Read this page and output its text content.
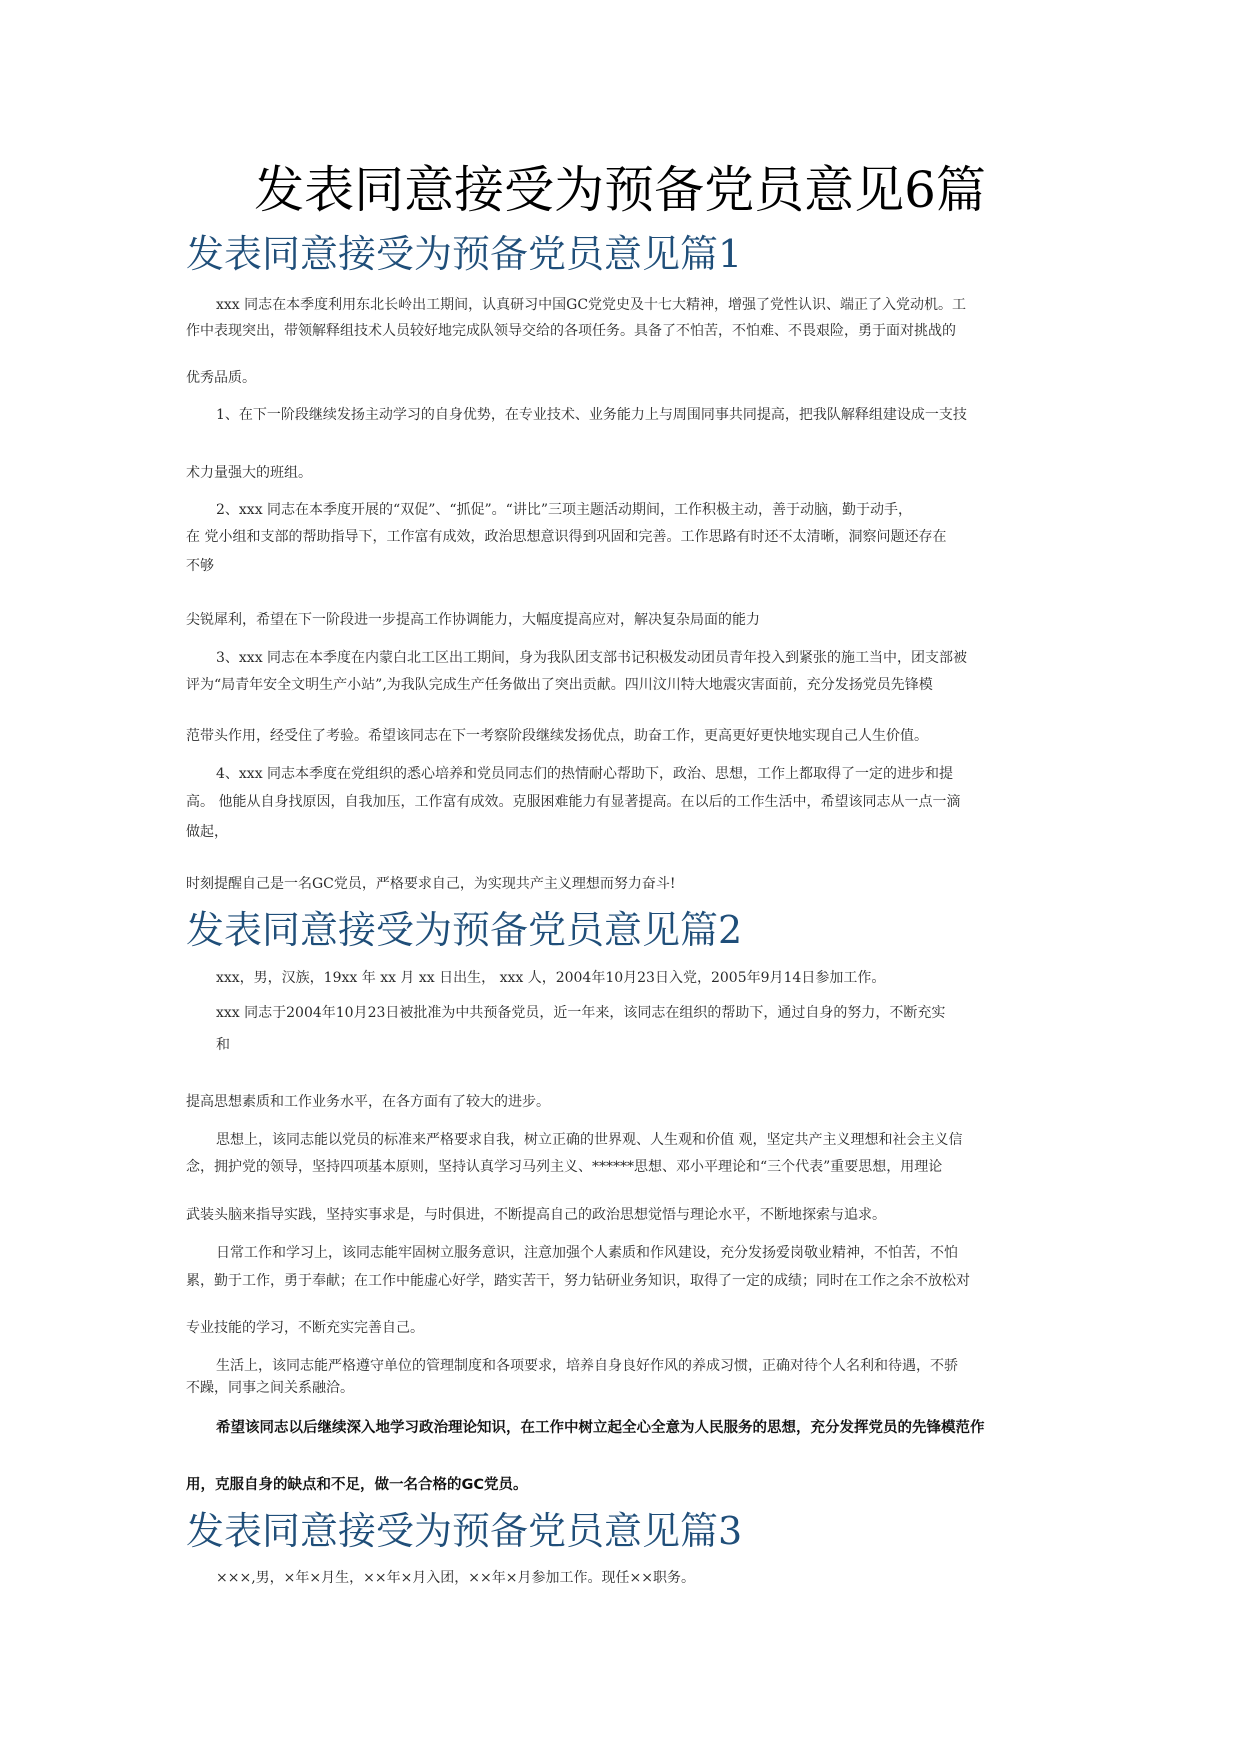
发表同意接受为预备党员意见6篇
发表同意接受为预备党员意见篇1
xxx 同志在本季度利用东北长岭出工期间，认真研习中国GC党党史及十七大精神，增强了党性认识、端正了入党动机。工
作中表现突出，带领解释组技术人员较好地完成队领导交给的各项任务。具备了不怕苦，不怕难、不畏艰险，勇于面对挑战的
优秀品质。
1、在下一阶段继续发扬主动学习的自身优势，在专业技术、业务能力上与周围同事共同提高，把我队解释组建设成一支技
术力量强大的班组。
2、xxx 同志在本季度开展的“双促”、“抓促”。“讲比”三项主题活动期间，工作积极主动，善于动脑，勤于动手，
在 党小组和支部的帮助指导下，工作富有成效，政治思想意识得到巩固和完善。工作思路有时还不太清晰，洞察问题还存在
不够
尖锐犀利，希望在下一阶段进一步提高工作协调能力，大幅度提高应对，解决复杂局面的能力
3、xxx 同志在本季度在内蒙白北工区出工期间，身为我队团支部书记积极发动团员青年投入到紧张的施工当中，团支部被
评为“局青年安全文明生产小站”,为我队完成生产任务做出了突出贡献。四川汶川特大地震灾害面前，充分发扬党员先锋模
范带头作用，经受住了考验。希望该同志在下一考察阶段继续发扬优点，助奋工作，更高更好更快地实现自己人生价值。
4、xxx 同志本季度在党组织的悉心培养和党员同志们的热情耐心帮助下，政治、思想，工作上都取得了一定的进步和提
高。 他能从自身找原因，自我加压，工作富有成效。克服困难能力有显著提高。在以后的工作生活中，希望该同志从一点一滴
做起，
时刻提醒自己是一名GC党员，严格要求自己，为实现共产主义理想而努力奋斗!
发表同意接受为预备党员意见篇2
xxx，男，汉族，19xx 年 xx 月 xx 日出生， xxx 人，2004年10月23日入党，2005年9月14日参加工作。
xxx 同志于2004年10月23日被批准为中共预备党员，近一年来，该同志在组织的帮助下，通过自身的努力，不断充实
和
提高思想素质和工作业务水平，在各方面有了较大的进步。
思想上，该同志能以党员的标准来严格要求自我，树立正确的世界观、人生观和价值 观，坚定共产主义理想和社会主义信
念，拥护党的领导，坚持四项基本原则，坚持认真学习马列主义、******思想、邓小平理论和“三个代表”重要思想，用理论
武装头脑来指导实践，坚持实事求是，与时俱进，不断提高自己的政治思想觉悟与理论水平，不断地探索与追求。
日常工作和学习上，该同志能牢固树立服务意识，注意加强个人素质和作风建设，充分发扬爱岗敬业精神，不怕苦，不怕
累，勤于工作，勇于奉献；在工作中能虚心好学，踏实苦干，努力钻研业务知识，取得了一定的成绩；同时在工作之余不放松对
专业技能的学习，不断充实完善自己。
生活上，该同志能严格遵守单位的管理制度和各项要求，培养自身良好作风的养成习惯，正确对待个人名利和待遇，不骄
不躁，同事之间关系融洽。
希望该同志以后继续深入地学习政治理论知识，在工作中树立起全心全意为人民服务的思想，充分发挥党员的先锋模范作
用，克服自身的缺点和不足，做一名合格的GC党员。
发表同意接受为预备党员意见篇3
×××,男，×年×月生，××年×月入团，××年×月参加工作。现任××职务。
